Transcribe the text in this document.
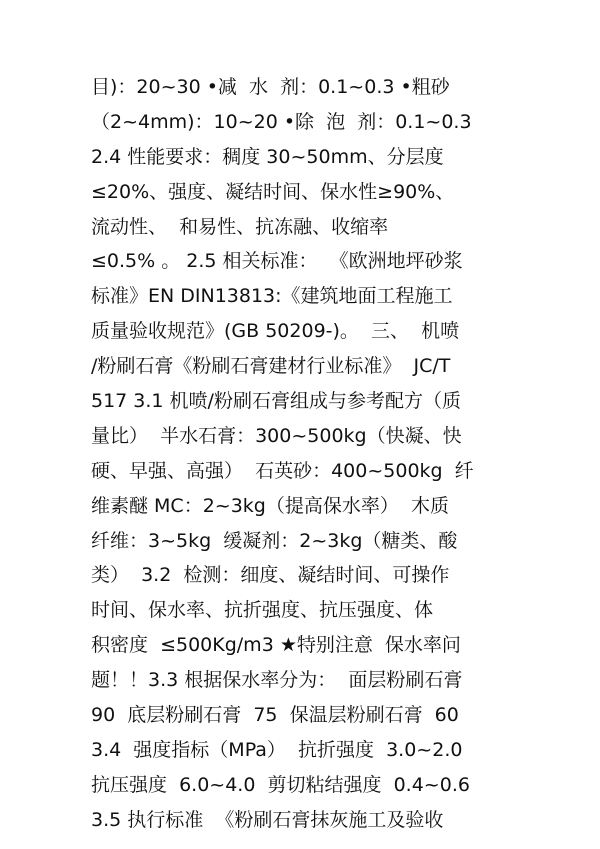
目)：20~30 •减  水  剂：0.1~0.3 •粗砂
（2~4mm)：10~20 •除  泡  剂：0.1~0.3
2.4 性能要求：稠度 30~50mm、分层度
≤20%、强度、凝结时间、保水性≥90%、
流动性、  和易性、抗冻融、收缩率
≤0.5% 。 2.5 相关标准：  《欧洲地坪砂浆
标准》EN DIN13813:《建筑地面工程施工
质量验收规范》(GB 50209-)。  三、  机喷
/粉刷石膏《粉刷石膏建材行业标准》  JC/T
517 3.1 机喷/粉刷石膏组成与参考配方（质
量比）  半水石膏：300~500kg（快凝、快
硬、早强、高强）  石英砂：400~500kg  纤
维素醚 MC：2~3kg（提高保水率）  木质
纤维：3~5kg  缓凝剂：2~3kg（糖类、酸
类）  3.2  检测：细度、凝结时间、可操作
时间、保水率、抗折强度、抗压强度、体
积密度  ≤500Kg/m3 ★特别注意  保水率问
题！！3.3 根据保水率分为：  面层粉刷石膏
90  底层粉刷石膏  75  保温层粉刷石膏  60
3.4  强度指标（MPa）  抗折强度  3.0~2.0
抗压强度  6.0~4.0  剪切粘结强度  0.4~0.6
3.5 执行标准  《粉刷石膏抹灰施工及验收
